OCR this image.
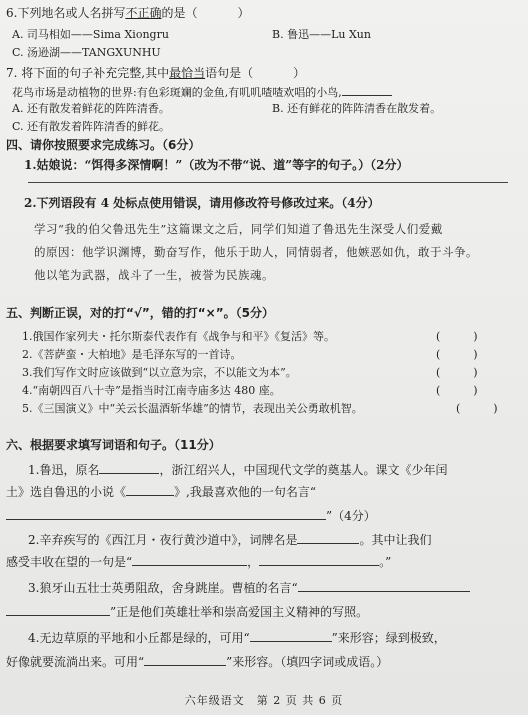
6.下列地名或人名拼写不正确的是（	）
A. 司马相如——Sima Xiongru	B. 鲁迅——Lu Xun
C. 汤逊湖——TANGXUNHU
7. 将下面的句子补充完整,其中最恰当语句是（	）
花鸟市场是动植物的世界:有色彩斑斓的金鱼,有叽叽喳喳欢唱的小鸟,
A. 还有散发着鲜花的阵阵清香。	B. 还有鲜花的阵阵清香在散发着。
C. 还有散发着阵阵清香的鲜花。
四、请你按照要求完成练习。（6分）
1.姑娘说：“饵得多深情啊！”（改为不带“说、道”等字的句子。）（2分）
2.下列语段有 4 处标点使用错误，请用修改符号修改过来。（4分）
学习“我的伯父鲁迅先生”这篇课文之后，同学们知道了鲁迅先生深受人们爱戴
的原因：他学识渊博，勤奋写作，他乐于助人，同情弱者，他嫉恶如仇，敢于斗争。
他以笔为武器，战斗了一生，被誉为民族魂。
五、判断正误，对的打“√”，错的打“×”。（5分）
1.俄国作家列夫・托尔斯泰代表作有《战争与和平》《复活》等。	(　　　)
2.《菩萨蛮・大柏地》是毛泽东写的一首诗。	(　　　)
3.我们写作文时应该做到“以立意为宗，不以能文为本”。	(　　　)
4.“南朝四百八十寺”是指当时江南寺庙多达 480 座。	(　　　)
5.《三国演义》中“关云长温酒斩华雄”的情节，表现出关公勇敢机智。	(　　　)
六、根据要求填写词语和句子。（11分）
1.鲁迅，原名	，浙江绍兴人，中国现代文学的奠基人。课文《少年闰
土》选自鲁迅的小说《	》,我最喜欢他的一句名言“
”（4分）
2.辛弃疾写的《西江月・夜行黄沙道中》，词牌名是	。其中让我们
感受丰收在望的一句是“	，	。”
3.狼牙山五壮士英勇阻敌，舍身跳崖。曹植的名言“
”正是他们英雄壮举和崇高爱国主义精神的写照。
4.无边草原的平地和小丘都是绿的，可用“	”来形容；绿到极致，
好像就要流淌出来。可用“	”来形容。（填四字词或成语。）
六年级语文　第 2 页 共 6 页
